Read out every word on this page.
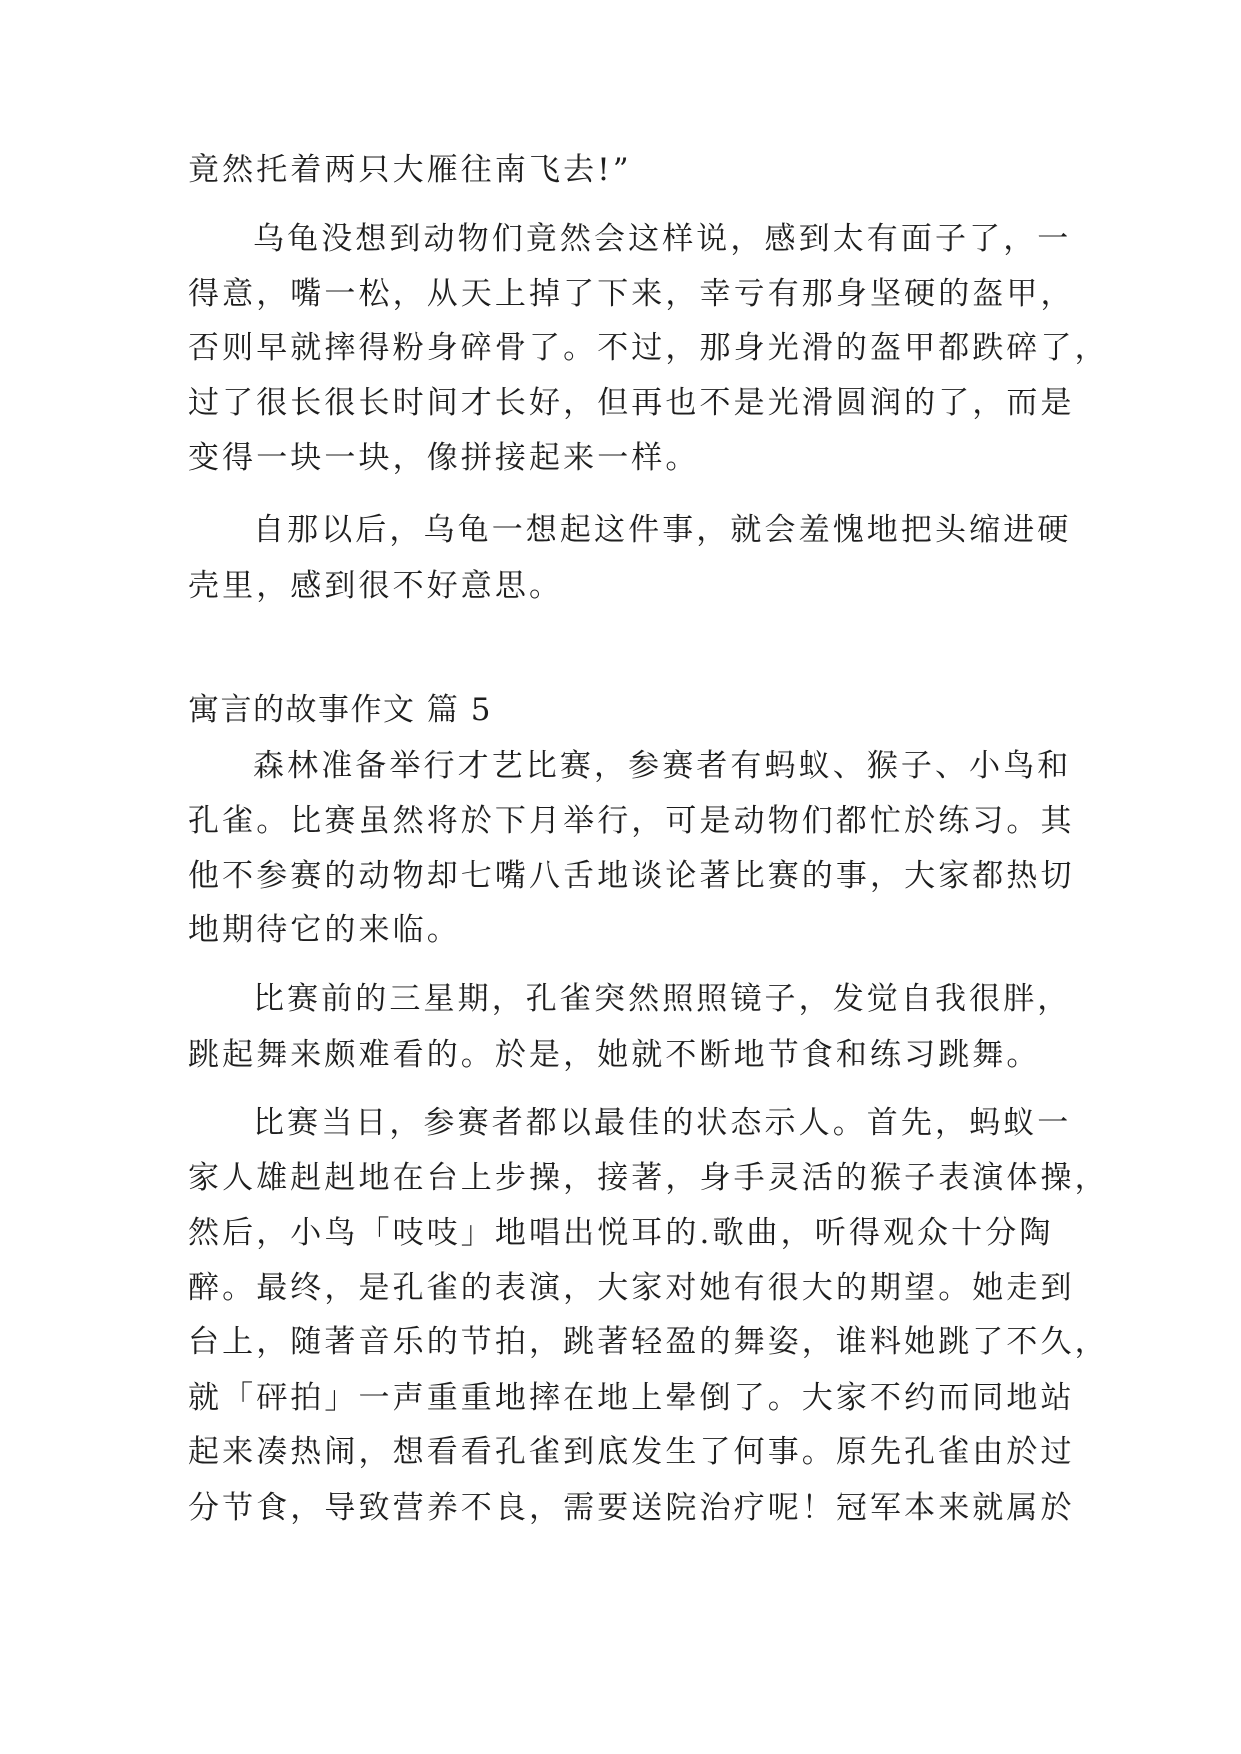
竟然托着两只大雁往南飞去!”
乌龟没想到动物们竟然会这样说，感到太有面子了，一
得意，嘴一松，从天上掉了下来，幸亏有那身坚硬的盔甲，
否则早就摔得粉身碎骨了。不过，那身光滑的盔甲都跌碎了，
过了很长很长时间才长好，但再也不是光滑圆润的了，而是
变得一块一块，像拼接起来一样。
自那以后，乌龟一想起这件事，就会羞愧地把头缩进硬
壳里，感到很不好意思。
寓言的故事作文 篇 5
森林准备举行才艺比赛，参赛者有蚂蚁、猴子、小鸟和
孔雀。比赛虽然将於下月举行，可是动物们都忙於练习。其
他不参赛的动物却七嘴八舌地谈论著比赛的事，大家都热切
地期待它的来临。
比赛前的三星期，孔雀突然照照镜子，发觉自我很胖，
跳起舞来颇难看的。於是，她就不断地节食和练习跳舞。
比赛当日，参赛者都以最佳的状态示人。首先，蚂蚁一
家人雄赳赳地在台上步操，接著，身手灵活的猴子表演体操，
然后，小鸟「吱吱」地唱出悦耳的.歌曲，听得观众十分陶
醉。最终，是孔雀的表演，大家对她有很大的期望。她走到
台上，随著音乐的节拍，跳著轻盈的舞姿，谁料她跳了不久，
就「砰拍」一声重重地摔在地上晕倒了。大家不约而同地站
起来凑热闹，想看看孔雀到底发生了何事。原先孔雀由於过
分节食，导致营养不良，需要送院治疗呢！冠军本来就属於
